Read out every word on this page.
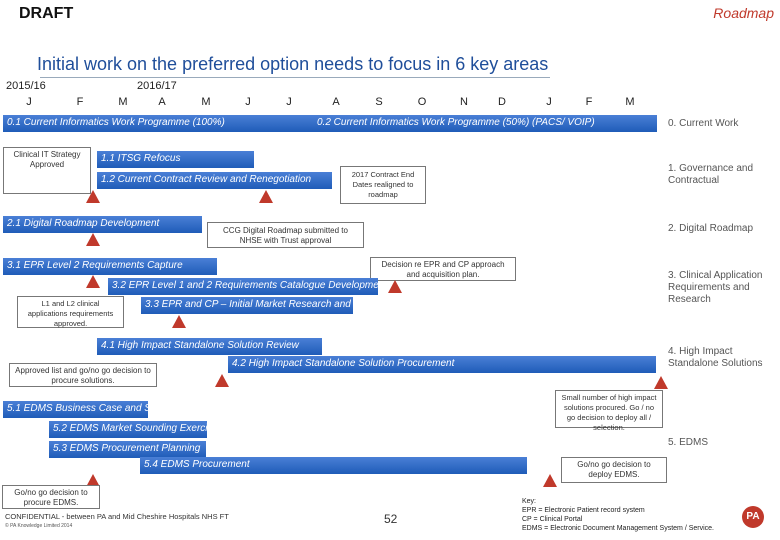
DRAFT	Roadmap
Initial work on the preferred option needs to focus in 6 key areas
2015/16	2016/17
J	F	M	A	M	J	J	A	S	O	N	D	J	F	M
0. Current Work
1. Governance and Contractual
2. Digital Roadmap
3. Clinical Application Requirements and Research
4. High Impact Standalone Solutions
5. EDMS
0.1 Current Informatics Work Programme (100%)	0.2 Current Informatics Work Programme (50%) (PACS/ VOIP)
Clinical IT Strategy Approved
1.1 ITSG Refocus
1.2 Current Contract Review and Renegotiation	2017 Contract End Dates realigned to roadmap
2.1 Digital Roadmap Development
CCG Digital Roadmap submitted to NHSE with Trust approval
3.1 EPR Level 2 Requirements Capture	Decision re EPR and CP approach and acquisition plan.
3.2 EPR Level 1 and 2 Requirements Catalogue Development
L1 and L2 clinical applications requirements approved.
3.3 EPR and CP – Initial Market Research and Detailed Planning
4.1 High Impact Standalone Solution Review
4.2 High Impact Standalone Solution Procurement
Approved list and go/no go decision to procure solutions.
Small number of high impact solutions procured. Go / no go decision to deploy all / selection.
5.1 EDMS Business Case and Specification Review
5.2 EDMS Market Sounding Exercise
5.3 EDMS Procurement Planning
5.4 EDMS Procurement	Go/no go decision to deploy EDMS.
Go/no go decision to procure EDMS.
CONFIDENTIAL - between PA and Mid Cheshire Hospitals NHS FT
© PA Knowledge Limited 2014	52
Key:
EPR = Electronic Patient record system
CP = Clinical Portal
EDMS = Electronic Document Management System / Service.
PA
